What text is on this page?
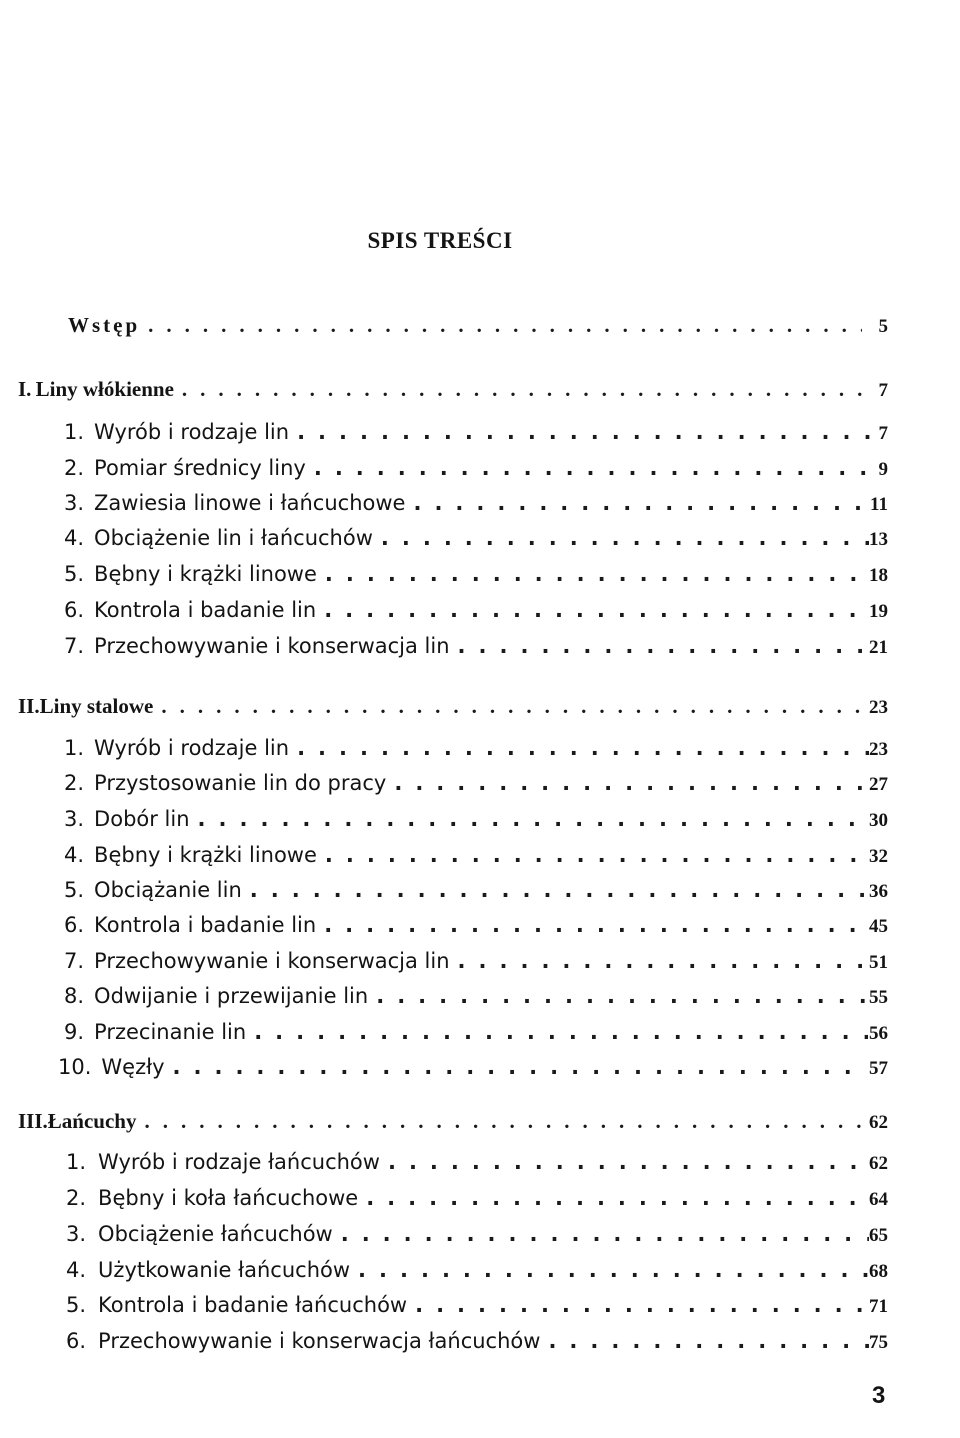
SPIS TREŚCI
Wstęp .....	5
I. Liny włókienne .....	7
1. Wyrób i rodzaje lin .....	7
2. Pomiar średnicy liny .....	9
3. Zawiesia linowe i łańcuchowe .....	11
4. Obciążenie lin i łańcuchów .....	13
5. Bębny i krążki linowe .....	18
6. Kontrola i badanie lin .....	19
7. Przechowywanie i konserwacja lin .....	21
II. Liny stalowe .....	23
1. Wyrób i rodzaje lin .....	23
2. Przystosowanie lin do pracy .....	27
3. Dobór lin .....	30
4. Bębny i krążki linowe .....	32
5. Obciążanie lin .....	36
6. Kontrola i badanie lin .....	45
7. Przechowywanie i konserwacja lin .....	51
8. Odwijanie i przewijanie lin .....	55
9. Przecinanie lin .....	56
10. Węzły .....	57
III. Łańcuchy .....	62
1. Wyrób i rodzaje łańcuchów .....	62
2. Bębny i koła łańcuchowe .....	64
3. Obciążenie łańcuchów .....	65
4. Użytkowanie łańcuchów .....	68
5. Kontrola i badanie łańcuchów .....	71
6. Przechowywanie i konserwacja łańcuchów .....	75
3
